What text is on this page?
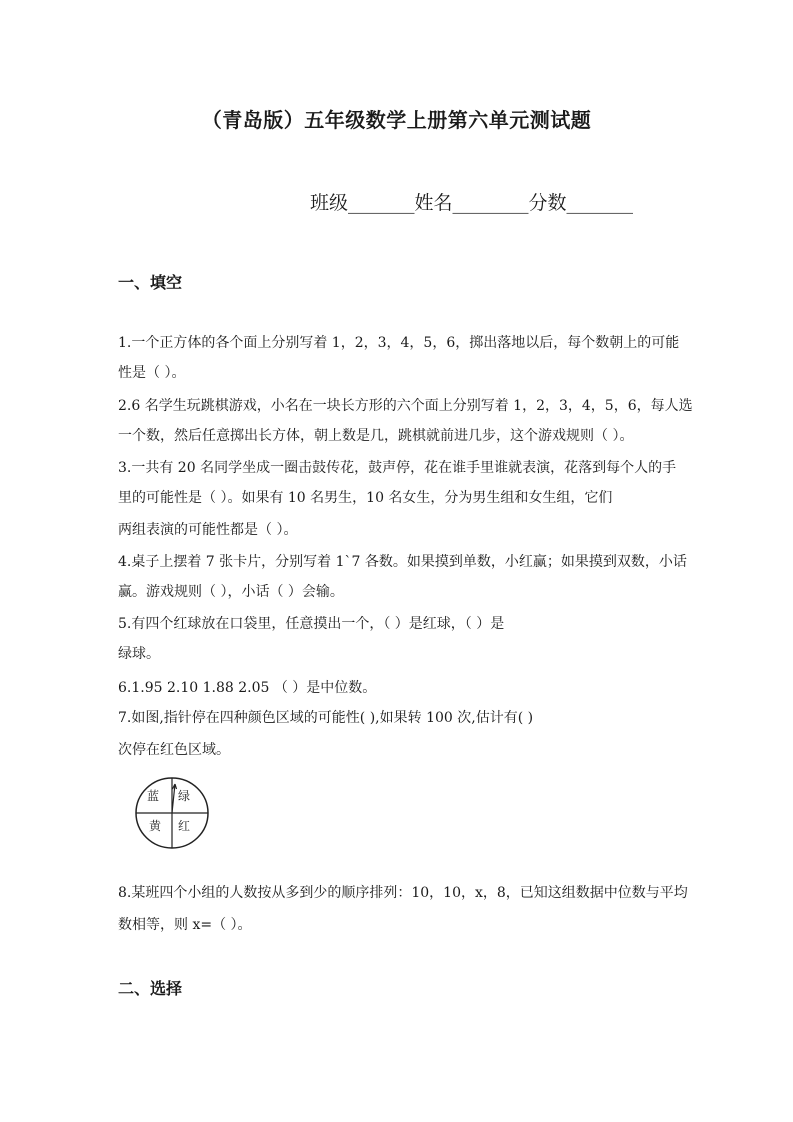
（青岛版）五年级数学上册第六单元测试题
班级_______姓名________分数_______
一、填空
1.一个正方体的各个面上分别写着 1，2，3，4，5，6，掷出落地以后，每个数朝上的可能
性是（ ）。
2.6 名学生玩跳棋游戏，小名在一块长方形的六个面上分别写着 1，2，3，4，5，6，每人选
一个数，然后任意掷出长方体，朝上数是几，跳棋就前进几步，这个游戏规则（ ）。
3.一共有 20 名同学坐成一圈击鼓传花，鼓声停，花在谁手里谁就表演，花落到每个人的手
里的可能性是（ ）。如果有 10 名男生，10 名女生，分为男生组和女生组，它们
两组表演的可能性都是（ ）。
4.桌子上摆着 7 张卡片，分别写着 1`7 各数。如果摸到单数，小红赢；如果摸到双数，小话
赢。游戏规则（ ），小话（ ）会输。
5.有四个红球放在口袋里，任意摸出一个，（ ）是红球，（ ）是
绿球。
6.1.95 2.10 1.88 2.05 （ ）是中位数。
7.如图,指针停在四种颜色区域的可能性( ),如果转 100 次,估计有( )
次停在红色区域。
蓝 绿
黄 红
8.某班四个小组的人数按从多到少的顺序排列：10，10，x，8，已知这组数据中位数与平均
数相等，则 x=（ ）。
二、选择
